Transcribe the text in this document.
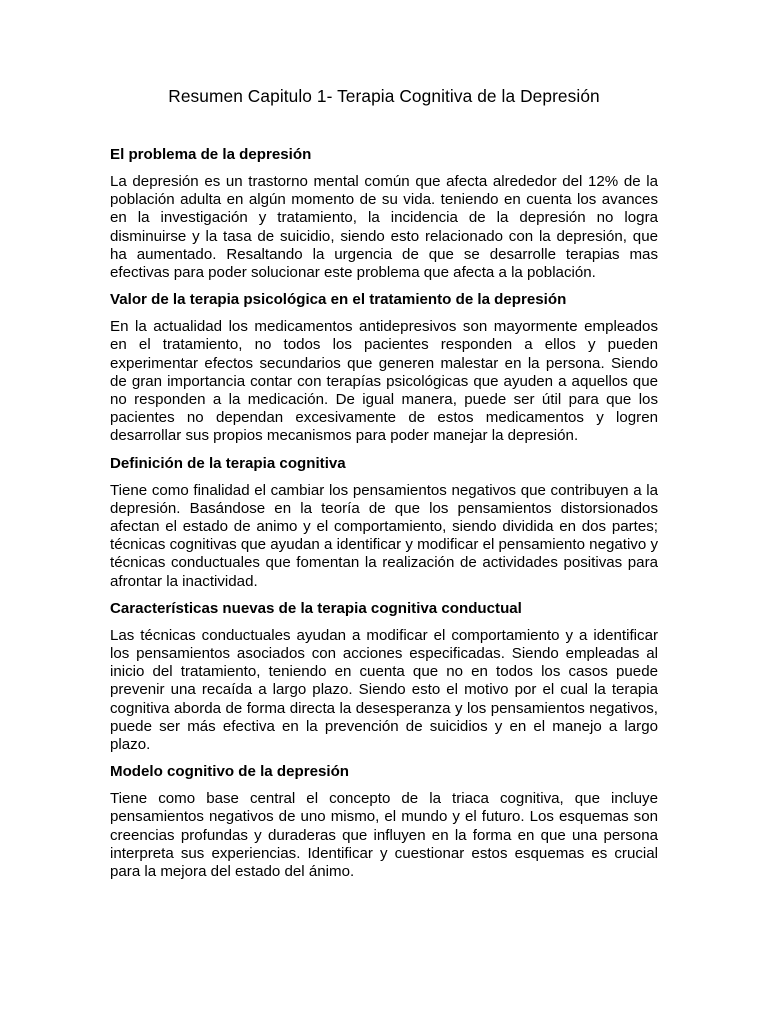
Resumen Capitulo 1- Terapia Cognitiva de la Depresión
El problema de la depresión

La depresión es un trastorno mental común que afecta alrededor del 12% de la población adulta en algún momento de su vida. teniendo en cuenta los avances en la investigación y tratamiento, la incidencia de la depresión no logra disminuirse y la tasa de suicidio, siendo esto relacionado con la depresión, que ha aumentado. Resaltando la urgencia de que se desarrolle terapias mas efectivas para poder solucionar este problema que afecta a la población.

Valor de la terapia psicológica en el tratamiento de la depresión

En la actualidad los medicamentos antidepresivos son mayormente empleados en el tratamiento, no todos los pacientes responden a ellos y pueden experimentar efectos secundarios que generen malestar en la persona. Siendo de gran importancia contar con terapías psicológicas que ayuden a aquellos que no responden a la medicación. De igual manera, puede ser útil para que los pacientes no dependan excesivamente de estos medicamentos y logren desarrollar sus propios mecanismos para poder manejar la depresión.

Definición de la terapia cognitiva

Tiene como finalidad el cambiar los pensamientos negativos que contribuyen a la depresión. Basándose en la teoría de que los pensamientos distorsionados afectan el estado de animo y el comportamiento, siendo dividida en dos partes; técnicas cognitivas que ayudan a identificar y modificar el pensamiento negativo y técnicas conductuales que fomentan la realización de actividades positivas para afrontar la inactividad.

Características nuevas de la terapia cognitiva conductual

Las técnicas conductuales ayudan a modificar el comportamiento y a identificar los pensamientos asociados con acciones especificadas. Siendo empleadas al inicio del tratamiento, teniendo en cuenta que no en todos los casos puede prevenir una recaída a largo plazo. Siendo esto el motivo por el cual la terapia cognitiva aborda de forma directa la desesperanza y los pensamientos negativos, puede ser más efectiva en la prevención de suicidios y en el manejo a largo plazo.

Modelo cognitivo de la depresión

Tiene como base central el concepto de la triaca cognitiva, que incluye pensamientos negativos de uno mismo, el mundo y el futuro. Los esquemas son creencias profundas y duraderas que influyen en la forma en que una persona interpreta sus experiencias. Identificar y cuestionar estos esquemas es crucial para la mejora del estado del ánimo.
